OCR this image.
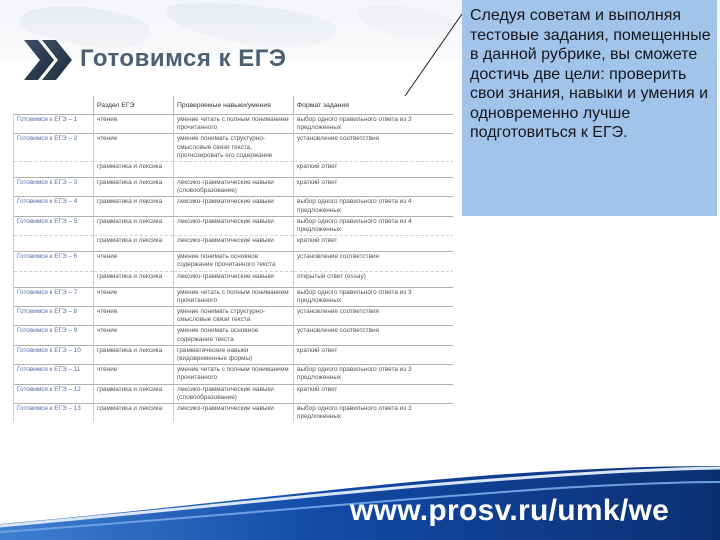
Готовимся к ЕГЭ
Следуя советам и выполняя тестовые задания, помещенные в данной рубрике, вы сможете достичь две цели: проверить свои знания, навыки и умения и одновременно лучше подготовиться к ЕГЭ.
	Раздел ЕГЭ	Проверяемые навыки/умения	Формат задания
Готовимся к ЕГЭ – 1	чтение	умение читать с полным пониманием прочитанного	выбор одного правильного ответа из 3 предложенных
Готовимся к ЕГЭ – 2	чтение	умение понимать структурно-смысловые связи текста, прогнозировать его содержание	установление соответствия
	грамматика и лексика		краткий ответ
Готовимся к ЕГЭ – 3	грамматика и лексика	лексико-грамматические навыки (словообразование)	краткий ответ
Готовимся к ЕГЭ – 4	грамматика и лексика	лексико-грамматические навыки	выбор одного правильного ответа из 4 предложенных
Готовимся к ЕГЭ – 5	грамматика и лексика	лексико-грамматические навыки	выбор одного правильного ответа из 4 предложенных
	грамматика и лексика	лексико-грамматические навыки	краткий ответ
Готовимся к ЕГЭ – 6	чтение	умение понимать основное содержание прочитанного текста	установление соответствия
	грамматика и лексика	лексико-грамматические навыки	открытый ответ (essay)
Готовимся к ЕГЭ – 7	чтение	умение читать с полным пониманием прочитанного	выбор одного правильного ответа из 3 предложенных
Готовимся к ЕГЭ – 8	чтение	умение понимать структурно-смысловые связи текста	установление соответствия
Готовимся к ЕГЭ – 9	чтение	умение понимать основное содержание текста	установление соответствия
Готовимся к ЕГЭ – 10	грамматика и лексика	грамматические навыки (видовременные формы)	краткий ответ
Готовимся к ЕГЭ – 11	чтение	умение читать с полным пониманием прочитанного	выбор одного правильного ответа из 3 предложенных
Готовимся к ЕГЭ – 12	грамматика и лексика	лексико-грамматические навыки (словообразование)	краткий ответ
Готовимся к ЕГЭ – 13	грамматика и лексика	лексико-грамматические навыки	выбор одного правильного ответа из 3 предложенных
www.prosv.ru/umk/we
